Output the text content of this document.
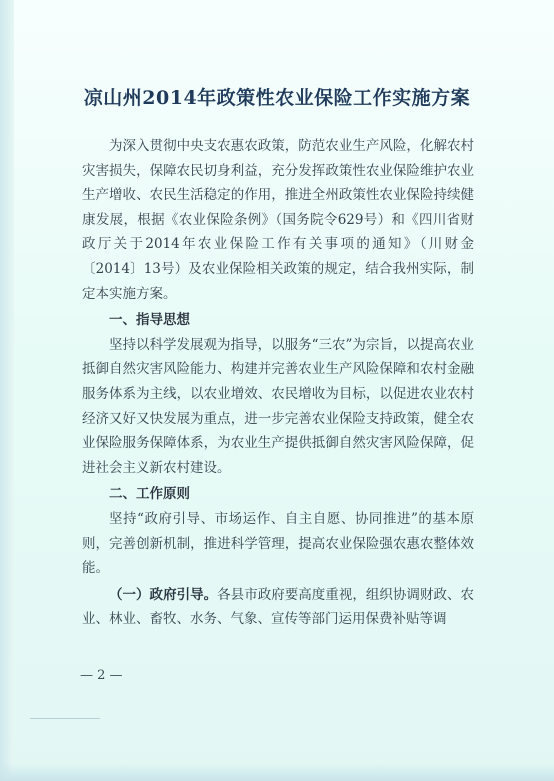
凉山州2014年政策性农业保险工作实施方案

为深入贯彻中央支农惠农政策，防范农业生产风险，化解农村灾害损失，保障农民切身利益，充分发挥政策性农业保险维护农业生产增收、农民生活稳定的作用，推进全州政策性农业保险持续健康发展，根据《农业保险条例》（国务院令629号）和《四川省财政厅关于2014年农业保险工作有关事项的通知》（川财金〔2014〕13号）及农业保险相关政策的规定，结合我州实际，制定本实施方案。

一、指导思想

坚持以科学发展观为指导，以服务“三农”为宗旨，以提高农业抵御自然灾害风险能力、构建并完善农业生产风险保障和农村金融服务体系为主线，以农业增效、农民增收为目标，以促进农业农村经济又好又快发展为重点，进一步完善农业保险支持政策，健全农业保险服务保障体系，为农业生产提供抵御自然灾害风险保障，促进社会主义新农村建设。

二、工作原则

坚持“政府引导、市场运作、自主自愿、协同推进”的基本原则，完善创新机制，推进科学管理，提高农业保险强农惠农整体效能。

（一）政府引导。各县市政府要高度重视，组织协调财政、农业、林业、畜牧、水务、气象、宣传等部门运用保费补贴等调

— 2 —
